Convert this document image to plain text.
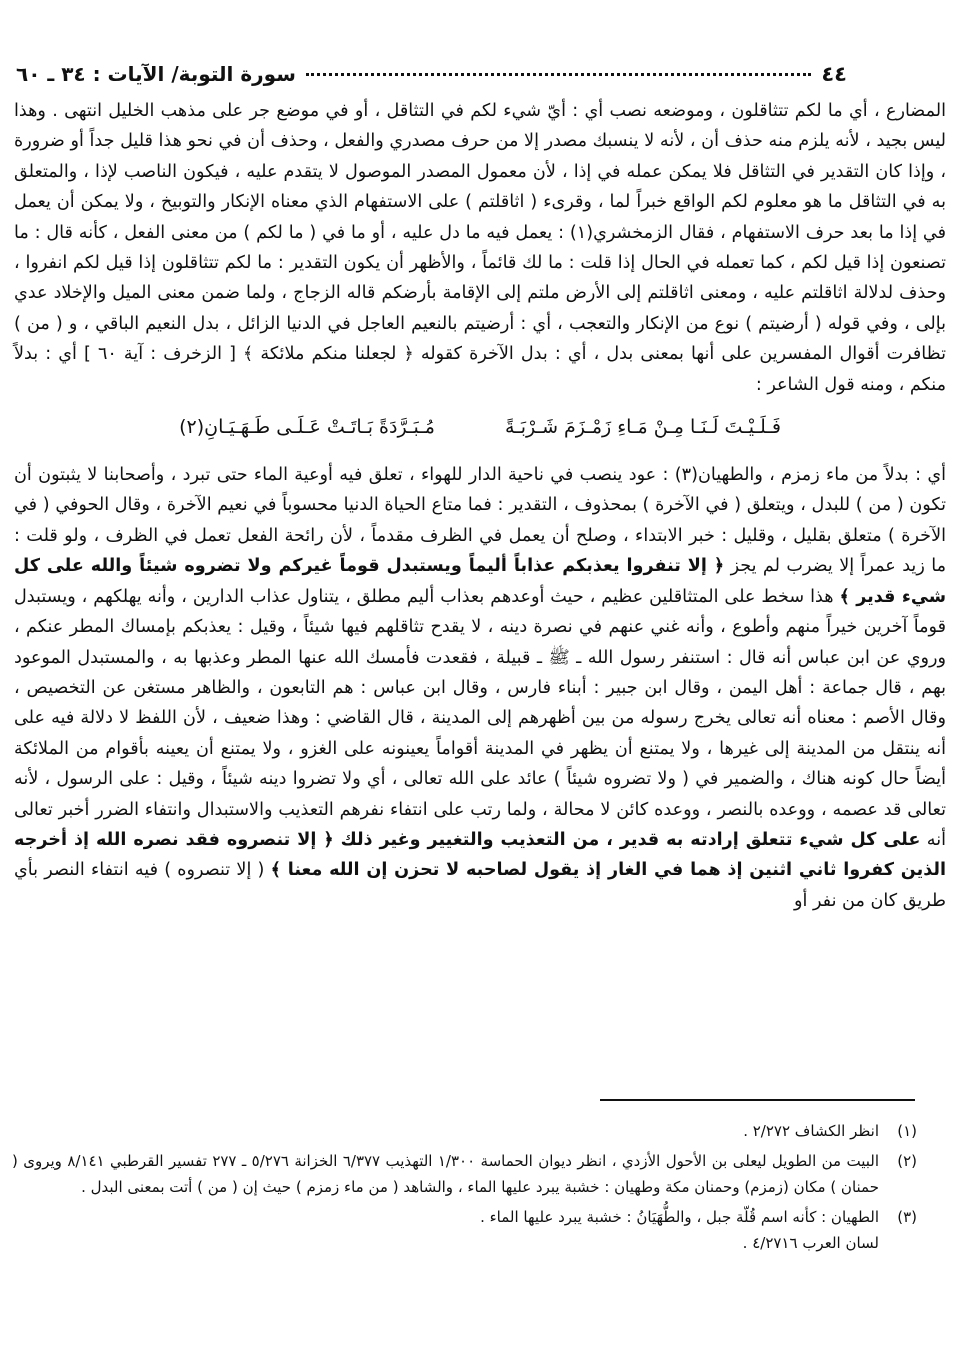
٤٤
سورة التوبة/ الآيات : ٣٤ ـ ٦٠

المضارع ، أي ما لكم تتثاقلون ، وموضعه نصب أي : أيّ شيء لكم في التثاقل ، أو في موضع جر على مذهب الخليل انتهى . وهذا ليس بجيد ، لأنه يلزم منه حذف أن ، لأنه لا ينسبك مصدر إلا من حرف مصدري والفعل ، وحذف أن في نحو هذا قليل جداً أو ضرورة ، وإذا كان التقدير في التثاقل فلا يمكن عمله في إذا ، لأن معمول المصدر الموصول لا يتقدم عليه ، فيكون الناصب لإذا ، والمتعلق به في التثاقل ما هو معلوم لكم الواقع خبراً لما ، وقرىء ( اثاقلتم ) على الاستفهام الذي معناه الإنكار والتوبيخ ، ولا يمكن أن يعمل في إذا ما بعد حرف الاستفهام ، فقال الزمخشري(١) : يعمل فيه ما دل عليه ، أو ما في ( ما لكم ) من معنى الفعل ، كأنه قال : ما تصنعون إذا قيل لكم ، كما تعمله في الحال إذا قلت : ما لك قائماً ، والأظهر أن يكون التقدير : ما لكم تتثاقلون إذا قيل لكم انفروا ، وحذف لدلالة اثاقلتم عليه ، ومعنى اثاقلتم إلى الأرض ملتم إلى الإقامة بأرضكم قاله الزجاج ، ولما ضمن معنى الميل والإخلاد عدي بإلى ، وفي قوله ( أرضيتم ) نوع من الإنكار والتعجب ، أي : أرضيتم بالنعيم العاجل في الدنيا الزائل ، بدل النعيم الباقي ، و ( من ) تظافرت أقوال المفسرين على أنها بمعنى بدل ، أي : بدل الآخرة كقوله ﴿ لجعلنا منكم ملائكة ﴾ [ الزخرف : آية ٦٠ ] أي : بدلاً منكم ، ومنه قول الشاعر :

فَـلَـيْـتَ لَـنَـا مِـنْ مَـاءِ زَمْـزَمَ شَـرْبَـةً
مُـبَـرَّدَةً بَـاتَـتْ عَـلَـى طَـهَـيَـانِ(٢)

أي : بدلاً من ماء زمزم ، والطهيان(٣) : عود ينصب في ناحية الدار للهواء ، تعلق فيه أوعية الماء حتى تبرد ، وأصحابنا لا يثبتون أن تكون ( من ) للبدل ، ويتعلق ( في الآخرة ) بمحذوف ، التقدير : فما متاع الحياة الدنيا محسوباً في نعيم الآخرة ، وقال الحوفي ( في الآخرة ) متعلق بقليل ، وقليل : خبر الابتداء ، وصلح أن يعمل في الظرف مقدماً ، لأن رائحة الفعل تعمل في الظرف ، ولو قلت : ما زيد عمراً إلا يضرب لم يجز ﴿ إلا تنفروا يعذبكم عذاباً أليماً ويستبدل قوماً غيركم ولا تضروه شيئاً والله على كل شيء قدير ﴾ هذا سخط على المتثاقلين عظيم ، حيث أوعدهم بعذاب أليم مطلق ، يتناول عذاب الدارين ، وأنه يهلكهم ، ويستبدل قوماً آخرين خيراً منهم وأطوع ، وأنه غني عنهم في نصرة دينه ، لا يقدح تثاقلهم فيها شيئاً ، وقيل : يعذبكم بإمساك المطر عنكم ، وروي عن ابن عباس أنه قال : استنفر رسول الله ـ ﷺ ـ قبيلة ، فقعدت فأمسك الله عنها المطر وعذبها به ، والمستبدل الموعود بهم ، قال جماعة : أهل اليمن ، وقال ابن جبير : أبناء فارس ، وقال ابن عباس : هم التابعون ، والظاهر مستغن عن التخصيص ، وقال الأصم : معناه أنه تعالى يخرج رسوله من بين أظهرهم إلى المدينة ، قال القاضي : وهذا ضعيف ، لأن اللفظ لا دلالة فيه على أنه ينتقل من المدينة إلى غيرها ، ولا يمتنع أن يظهر في المدينة أقواماً يعينونه على الغزو ، ولا يمتنع أن يعينه بأقوام من الملائكة أيضاً حال كونه هناك ، والضمير في ( ولا تضروه شيئاً ) عائد على الله تعالى ، أي ولا تضروا دينه شيئاً ، وقيل : على الرسول ، لأنه تعالى قد عصمه ، ووعده بالنصر ، ووعده كائن لا محالة ، ولما رتب على انتفاء نفرهم التعذيب والاستبدال وانتفاء الضرر أخبر تعالى أنه على كل شيء تتعلق إرادته به قدير ، من التعذيب والتغيير وغير ذلك ﴿ إلا تنصروه فقد نصره الله إذ أخرجه الذين كفروا ثاني اثنين إذ هما في الغار إذ يقول لصاحبه لا تحزن إن الله معنا ﴾ ( إلا تنصروه ) فيه انتفاء النصر بأي طريق كان من نفر أو

(١)
انظر الكشاف ٢/٢٧٢ .
(٢)
البيت من الطويل ليعلى بن الأحول الأزدي ، انظر ديوان الحماسة ١/٣٠٠ التهذيب ٦/٣٧٧ الخزانة ٥/٢٧٦ ـ ٢٧٧ تفسير القرطبي ٨/١٤١ ويروى ( حمنان ) مكان (زمزم) وحمنان مكة وطهيان : خشبة يبرد عليها الماء ، والشاهد ( من ماء زمزم ) حيث إن ( من ) أتت بمعنى البدل .
(٣)
الطهيان : كأنه اسم قُلّة جبل ، والطُّهَيَانُ : خشبة يبرد عليها الماء .
لسان العرب ٤/٢٧١٦ .
